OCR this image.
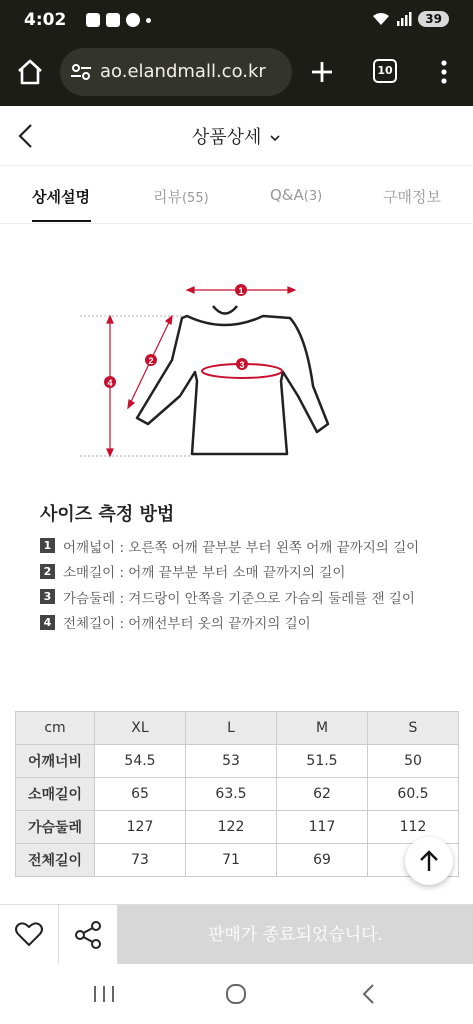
4:02	39
ao.elandmall.co.kr	10
상품상세
상세설명	리뷰(55)	Q&A(3)	구매정보
1
2	3
4
사이즈 측정 방법
1 어깨넓이 : 오른쪽 어깨 끝부분 부터 왼쪽 어깨 끝까지의 길이
2 소매길이 : 어깨 끝부분 부터 소매 끝까지의 길이
3 가슴둘레 : 겨드랑이 안쪽을 기준으로 가슴의 둘레를 잰 길이
4 전체길이 : 어깨선부터 옷의 끝까지의 길이
cm	XL	L	M	S
어깨너비	54.5	53	51.5	50
소매길이	65	63.5	62	60.5
가슴둘레	127	122	117	112
전체길이	73	71	69	
판매가 종료되었습니다.
